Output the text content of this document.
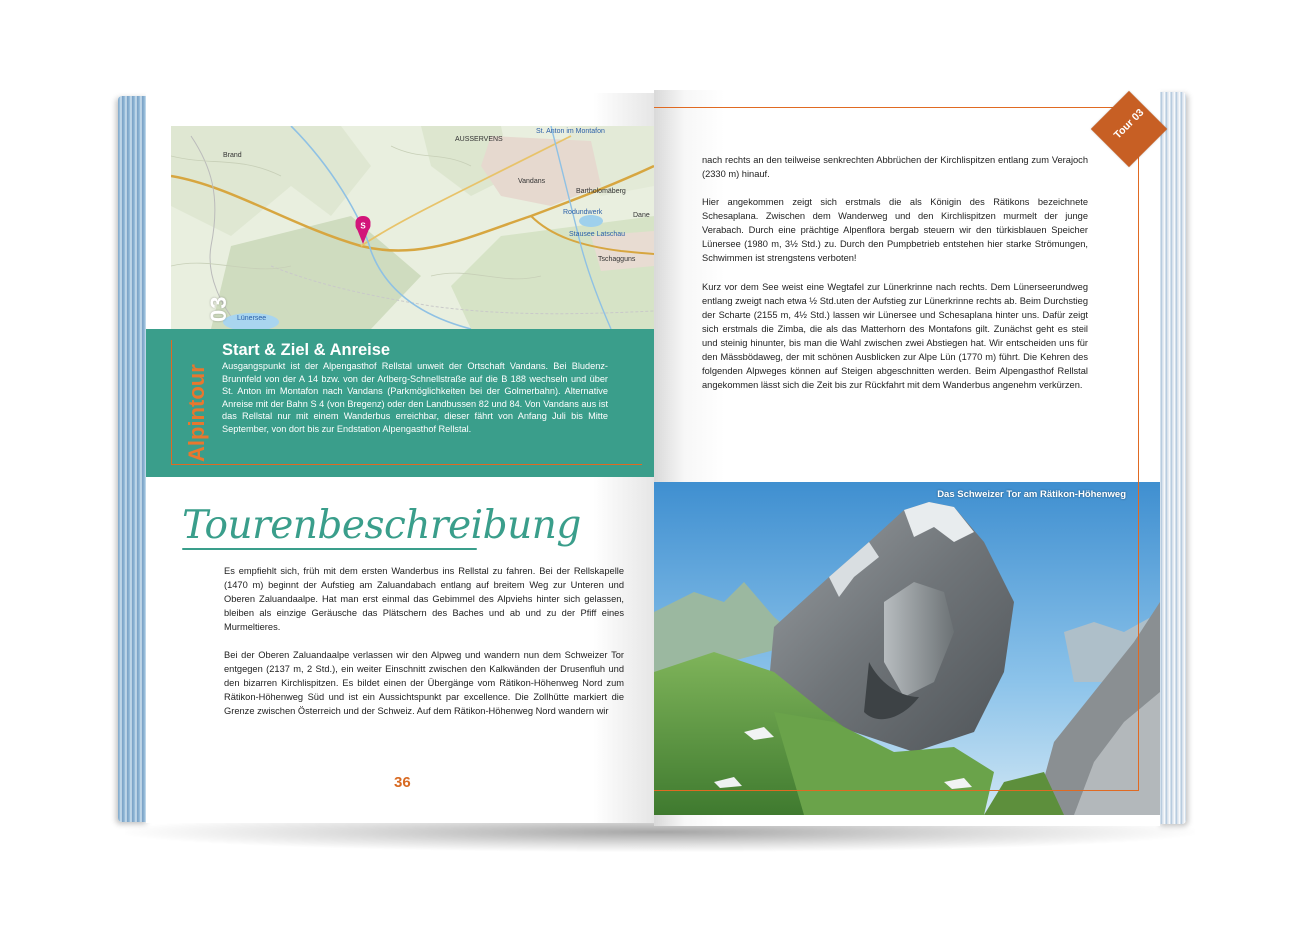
S
Brand
AUSSERVENS
St. Anton im Montafon
Vandans
Bartholomäberg
Rodundwerk	Dane
Stausee Latschau
Tschagguns
Lünersee
03
Alpintour
Start & Ziel & Anreise
Ausgangspunkt ist der Alpengasthof Rellstal unweit der Ortschaft Vandans. Bei Bludenz-Brunnfeld von der A 14 bzw. von der Arlberg-Schnellstraße auf die B 188 wechseln und über St. Anton im Montafon nach Vandans (Parkmöglichkeiten bei der Golmerbahn). Alternative Anreise mit der Bahn S 4 (von Bregenz) oder den Landbussen 82 und 84. Von Vandans aus ist das Rellstal nur mit einem Wanderbus erreichbar, dieser fährt von Anfang Juli bis Mitte September, von dort bis zur Endstation Alpengasthof Rellstal.
Tourenbeschreibung
Es empfiehlt sich, früh mit dem ersten Wanderbus ins Rellstal zu fahren. Bei der Rellskapelle (1470 m) beginnt der Aufstieg am Zaluandabach entlang auf breitem Weg zur Unteren und Oberen Zaluandaalpe. Hat man erst einmal das Gebimmel des Alpviehs hinter sich gelassen, bleiben als einzige Geräusche das Plätschern des Baches und ab und zu der Pfiff eines Murmeltieres.
Bei der Oberen Zaluandaalpe verlassen wir den Alpweg und wandern nun dem Schweizer Tor entgegen (2137 m, 2 Std.), ein weiter Einschnitt zwischen den Kalkwänden der Drusenfluh und den bizarren Kirchlispitzen. Es bildet einen der Übergänge vom Rätikon-Höhenweg Nord zum Rätikon-Höhenweg Süd und ist ein Aussichtspunkt par excellence. Die Zollhütte markiert die Grenze zwischen Österreich und der Schweiz. Auf dem Rätikon-Höhenweg Nord wandern wir
36
Tour 03
nach rechts an den teilweise senkrechten Abbrüchen der Kirchlispitzen entlang zum Verajoch (2330 m) hinauf.
Hier angekommen zeigt sich erstmals die als Königin des Rätikons bezeichnete Schesaplana. Zwischen dem Wanderweg und den Kirchlispitzen murmelt der junge Verabach. Durch eine prächtige Alpenflora bergab steuern wir den türkisblauen Speicher Lünersee (1980 m, 3½ Std.) zu. Durch den Pumpbetrieb entstehen hier starke Strömungen, Schwimmen ist strengstens verboten!
Kurz vor dem See weist eine Wegtafel zur Lünerkrinne nach rechts. Dem Lünerseerundweg entlang zweigt nach etwa ½ Std.uten der Aufstieg zur Lünerkrinne rechts ab. Beim Durchstieg der Scharte (2155 m, 4½ Std.) lassen wir Lünersee und Schesaplana hinter uns. Dafür zeigt sich erstmals die Zimba, die als das Matterhorn des Montafons gilt. Zunächst geht es steil und steinig hinunter, bis man die Wahl zwischen zwei Abstiegen hat. Wir entscheiden uns für den Mässbödaweg, der mit schönen Ausblicken zur Alpe Lün (1770 m) führt. Die Kehren des folgenden Alpweges können auf Steigen abgeschnitten werden. Beim Alpengasthof Rellstal angekommen lässt sich die Zeit bis zur Rückfahrt mit dem Wanderbus angenehm verkürzen.
Das Schweizer Tor am Rätikon-Höhenweg
